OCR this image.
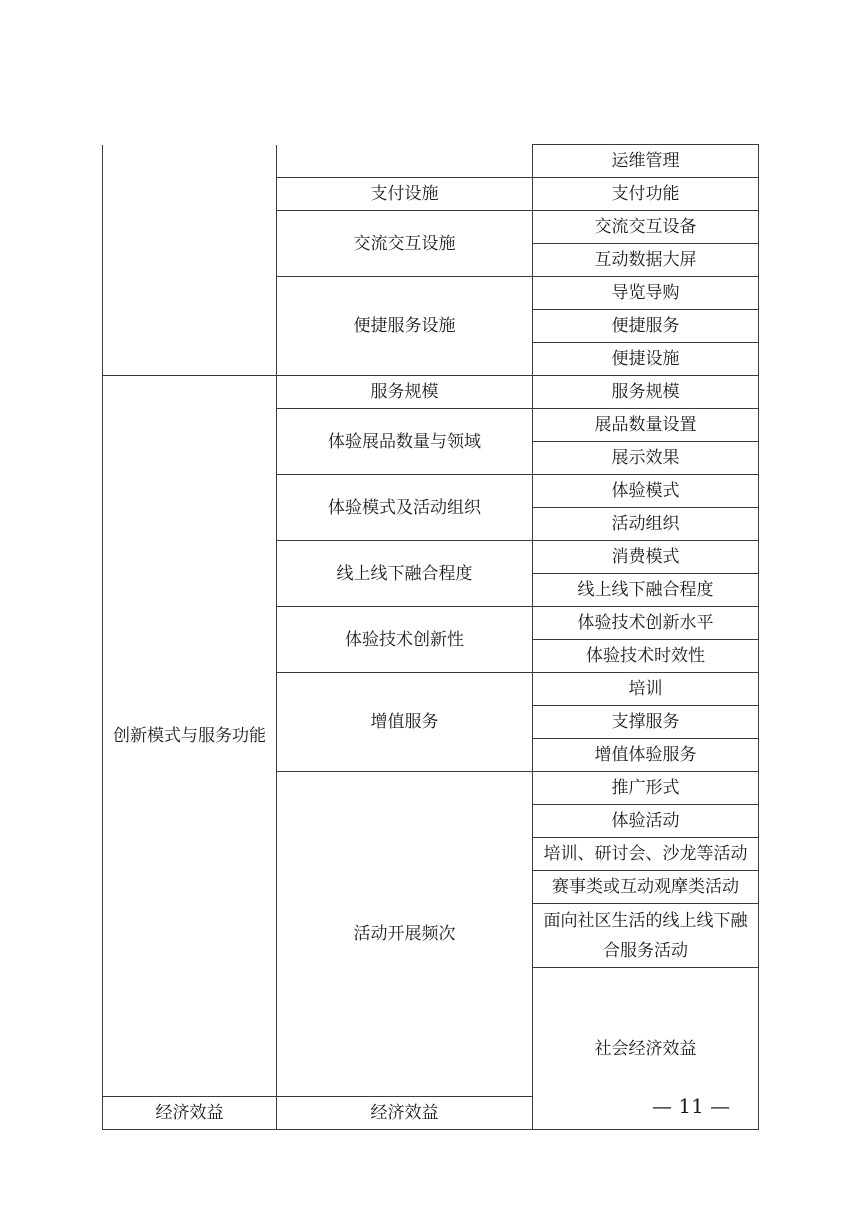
		运维管理	
	支付设施	支付功能	
	交流交互设施	交流交互设备	
		互动数据大屏	
	便捷服务设施	导览导购	
		便捷服务	
		便捷设施	
创新模式与服务功能	服务规模	服务规模	
	体验展品数量与领域	展品数量设置	
		展示效果	
	体验模式及活动组织	体验模式	
		活动组织	
	线上线下融合程度	消费模式	
		线上线下融合程度	
	体验技术创新性	体验技术创新水平	
		体验技术时效性	
	增值服务	培训	
		支撑服务	
		增值体验服务	
	活动开展频次	推广形式	
		体验活动	
		培训、研讨会、沙龙等活动	
		赛事类或互动观摩类活动	
		面向社区生活的线上线下融合服务活动	
		社会经济效益		
经济效益	经济效益			— 11 —
